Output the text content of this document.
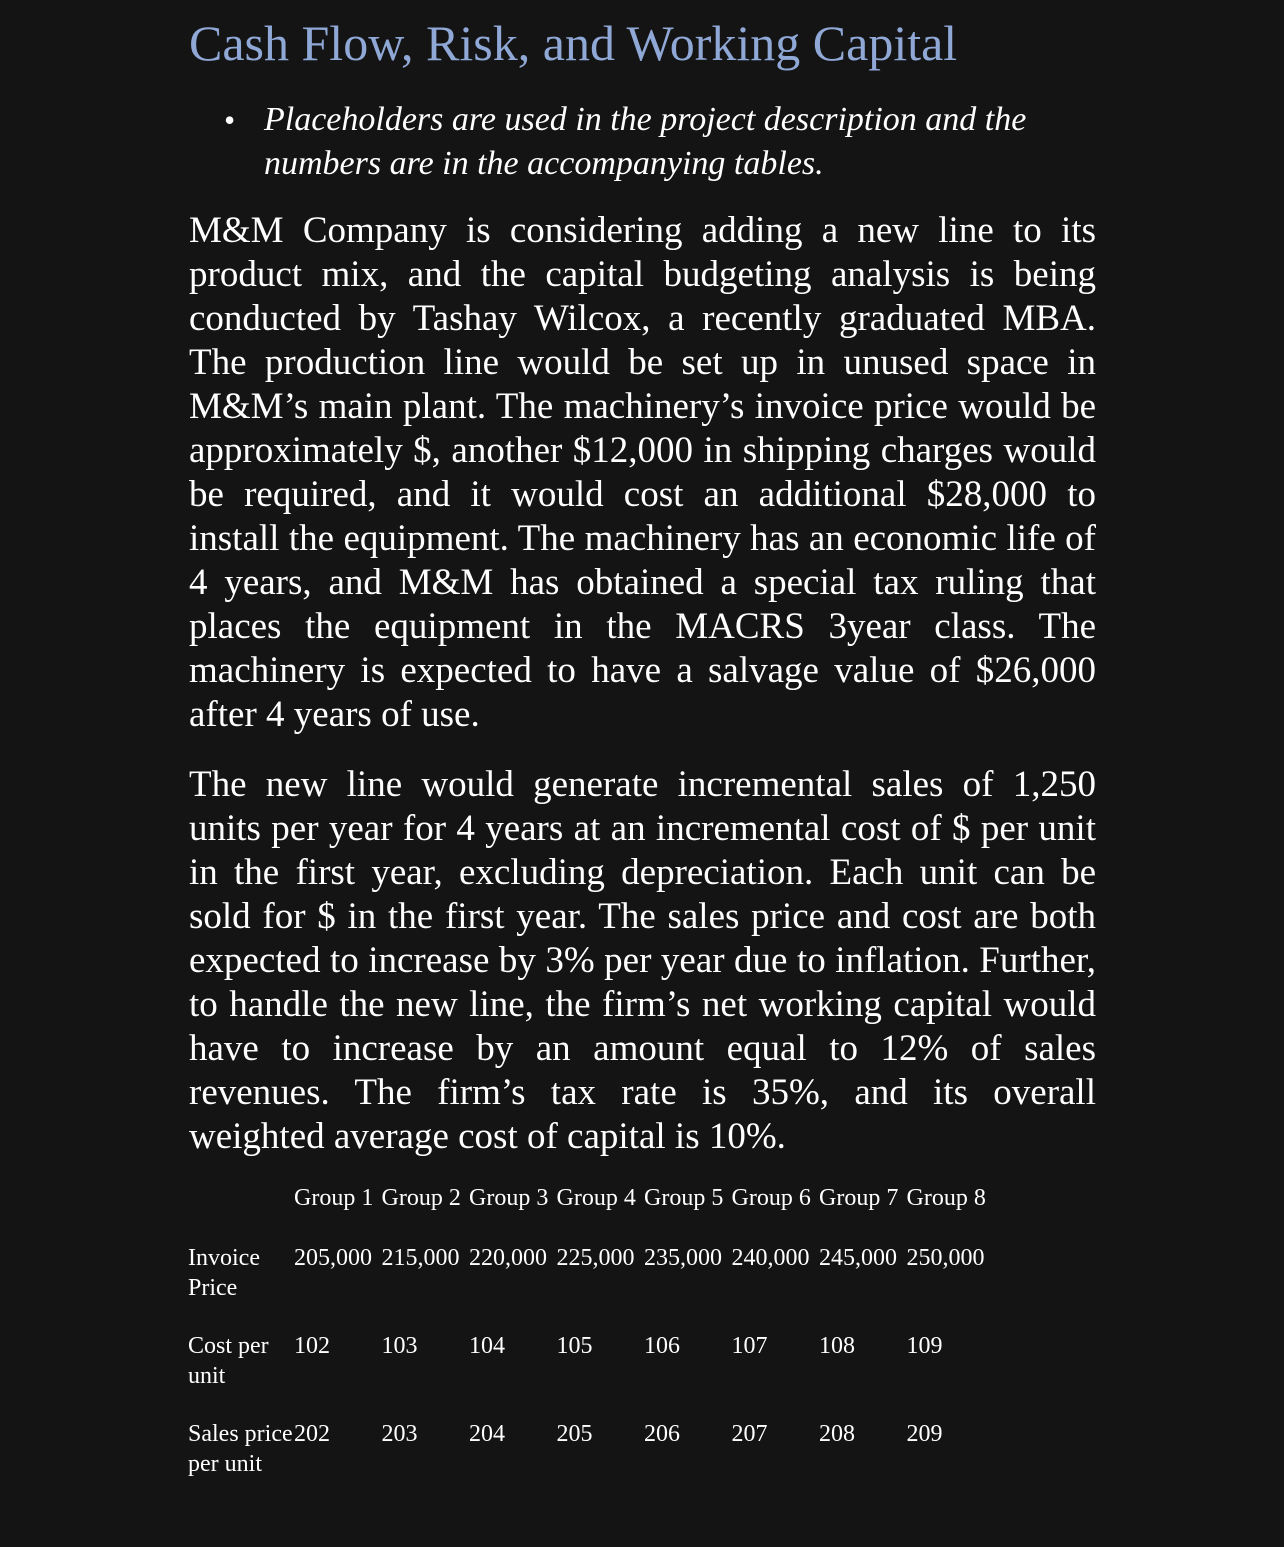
Cash Flow, Risk, and Working Capital
• Placeholders are used in the project description and the
numbers are in the accompanying tables.

M&M Company is considering adding a new line to its product mix, and the capital budgeting analysis is being conducted by Tashay Wilcox, a recently graduated MBA. The production line would be set up in unused space in M&M’s main plant. The machinery’s invoice price would be approximately $, another $12,000 in shipping charges would be required, and it would cost an additional $28,000 to install the equipment. The machinery has an economic life of 4 years, and M&M has obtained a special tax ruling that places the equipment in the MACRS 3year class. The machinery is expected to have a salvage value of $26,000 after 4 years of use.

The new line would generate incremental sales of 1,250 units per year for 4 years at an incremental cost of $ per unit in the first year, excluding depreciation. Each unit can be sold for $ in the first year. The sales price and cost are both expected to increase by 3% per year due to inflation. Further, to handle the new line, the firm’s net working capital would have to increase by an amount equal to 12% of sales revenues. The firm’s tax rate is 35%, and its overall weighted average cost of capital is 10%.

	Group 1	Group 2	Group 3	Group 4	Group 5	Group 6	Group 7	Group 8
Invoice Price	205,000	215,000	220,000	225,000	235,000	240,000	245,000	250,000
Cost per unit	102	103	104	105	106	107	108	109
Sales price per unit	202	203	204	205	206	207	208	209
